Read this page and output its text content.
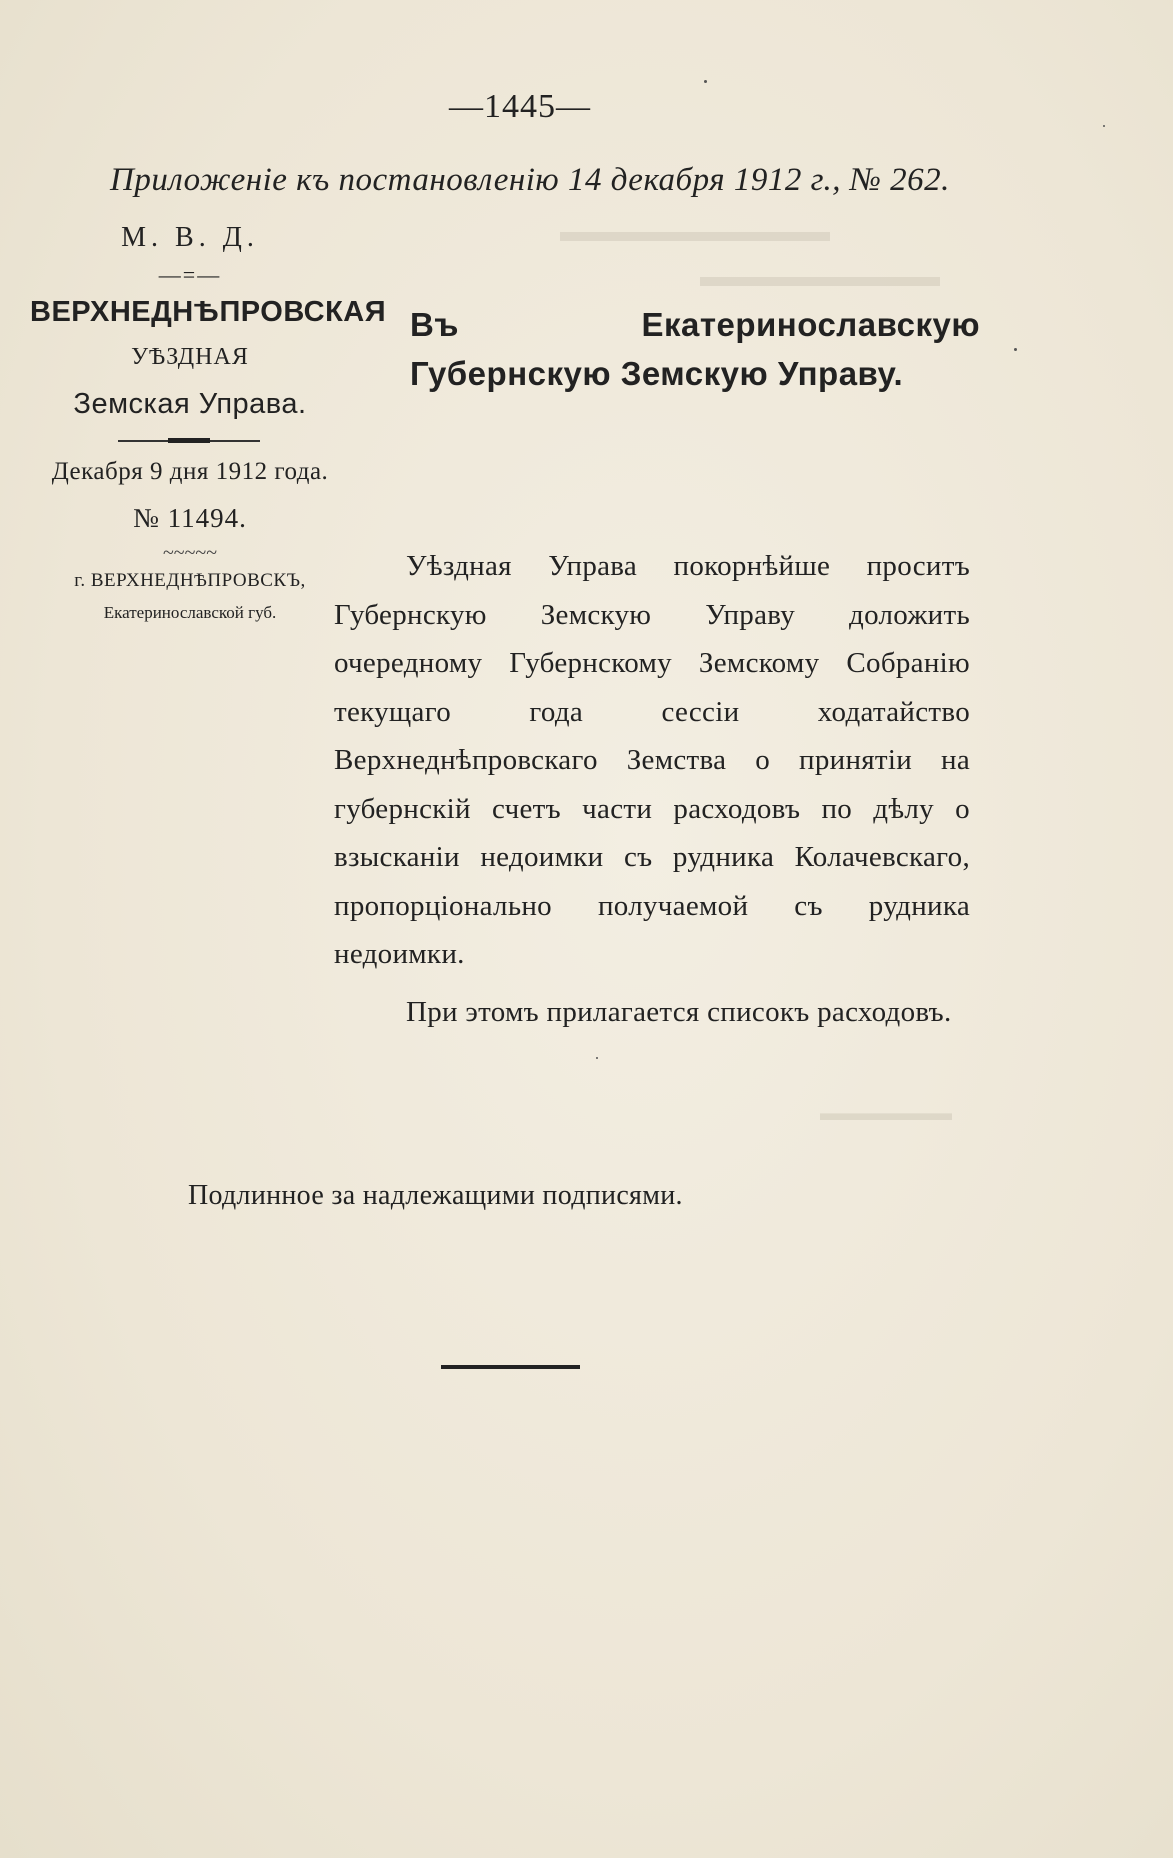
▬▬▬▬▬▬▬▬▬
▬▬▬▬▬▬▬▬
▬▬▬▬▬▬
—1445—
Приложеніе къ постановленію 14 декабря 1912 г., № 262.
М. В. Д.
—=—
ВЕРХНЕДНѢПРОВСКАЯ
УѢЗДНАЯ
Земская Управа.
Декабря 9 дня 1912 года.
№ 11494.
~~~~~
г. ВЕРХНЕДНѢПРОВСКЪ,
Екатеринославской губ.
Въ Екатеринославскую Губернскую Земскую Управу.
Уѣздная Управа покорнѣйше проситъ Губернскую Земскую Управу доложить очередному Губернскому Земскому Собранію текущаго года сессіи ходатайство Верхнеднѣпровскаго Земства о принятіи на губернскій счетъ части расходовъ по дѣлу о взысканіи недоимки съ рудника Колачевскаго, пропорціонально получаемой съ рудника недоимки.
При этомъ прилагается списокъ расходовъ.
Подлинное за надлежащими подписями.
